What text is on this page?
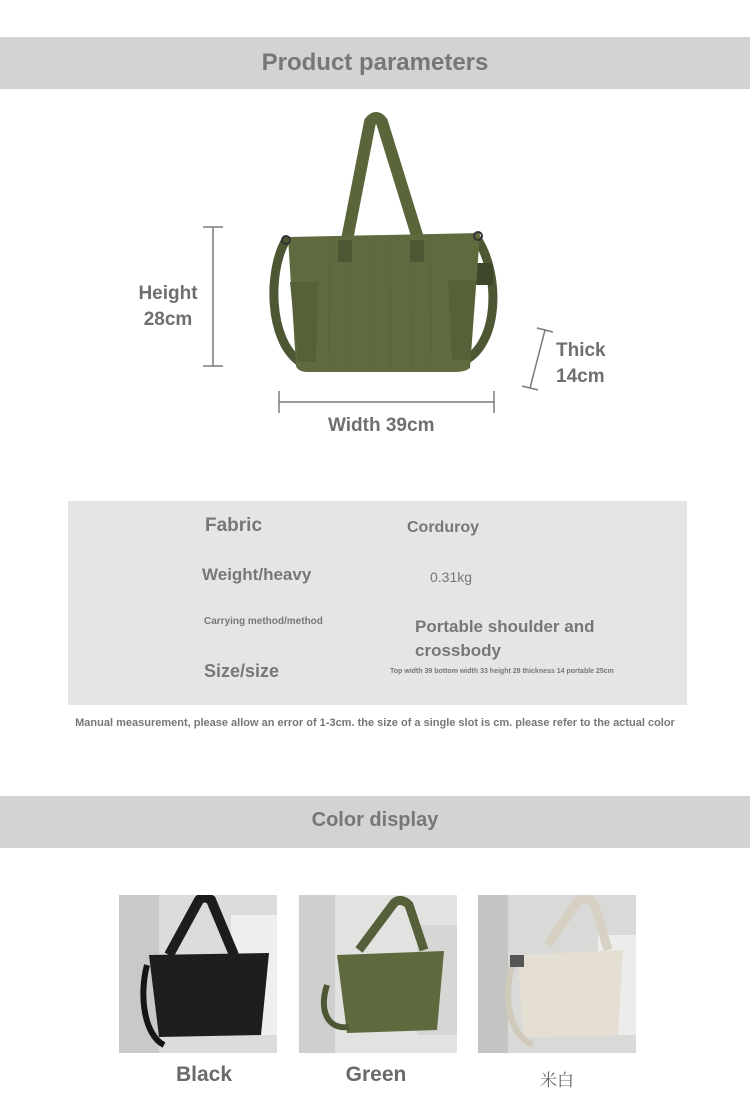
Product parameters
Height
28cm
Thick
14cm
Width 39cm
Fabric	Corduroy
Weight/heavy	0.31kg
Carrying method/method	Portable shoulder and crossbody
Size/size	Top width 39 bottom width 33 height 28 thickness 14 portable 25cm
Manual measurement, please allow an error of 1-3cm. the size of a single slot is cm. please refer to the actual color
Color display
Black	Green	米白
